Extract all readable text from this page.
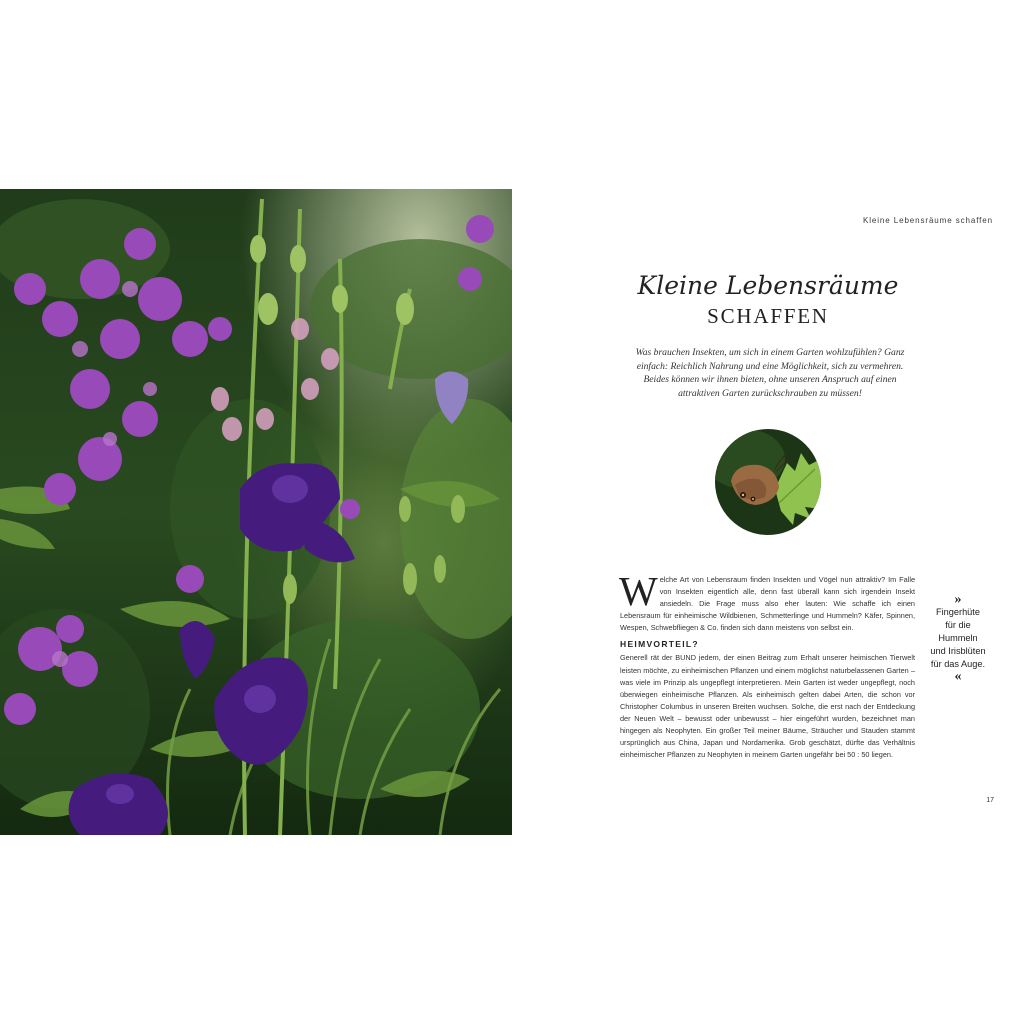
Kleine Lebensräume schaffen
Kleine Lebensräume
SCHAFFEN

Was brauchen Insekten, um sich in einem Garten wohlzufühlen? Ganz einfach: Reichlich Nahrung und eine Möglichkeit, sich zu vermehren. Beides können wir ihnen bieten, ohne unseren Anspruch auf einen attraktiven Garten zurückschrauben zu müssen!

Welche Art von Lebensraum finden Insekten und Vögel nun attraktiv? Im Falle von Insekten eigentlich alle, denn fast überall kann sich irgendein Insekt ansiedeln. Die Frage muss also eher lauten: Wie schaffe ich einen Lebensraum für einheimische Wildbienen, Schmetterlinge und Hummeln? Käfer, Spinnen, Wespen, Schwebfliegen & Co. finden sich dann meistens von selbst ein.

HEIMVORTEIL?

Generell rät der BUND jedem, der einen Beitrag zum Erhalt unserer heimischen Tierwelt leisten möchte, zu einheimischen Pflanzen und einem möglichst naturbelassenen Garten – was viele im Prinzip als ungepflegt interpretieren. Mein Garten ist weder ungepflegt, noch überwiegen einheimische Pflanzen. Als einheimisch gelten dabei Arten, die schon vor Christopher Columbus in unseren Breiten wuchsen. Solche, die erst nach der Entdeckung der Neuen Welt – bewusst oder unbewusst – hier eingeführt wurden, bezeichnet man hingegen als Neophyten. Ein großer Teil meiner Bäume, Sträucher und Stauden stammt ursprünglich aus China, Japan und Nordamerika. Grob geschätzt, dürfte das Verhältnis einheimischer Pflanzen zu Neophyten in meinem Garten ungefähr bei 50 : 50 liegen.

»
Fingerhüte für die Hummeln und Irisblüten für das Auge.
«
17
